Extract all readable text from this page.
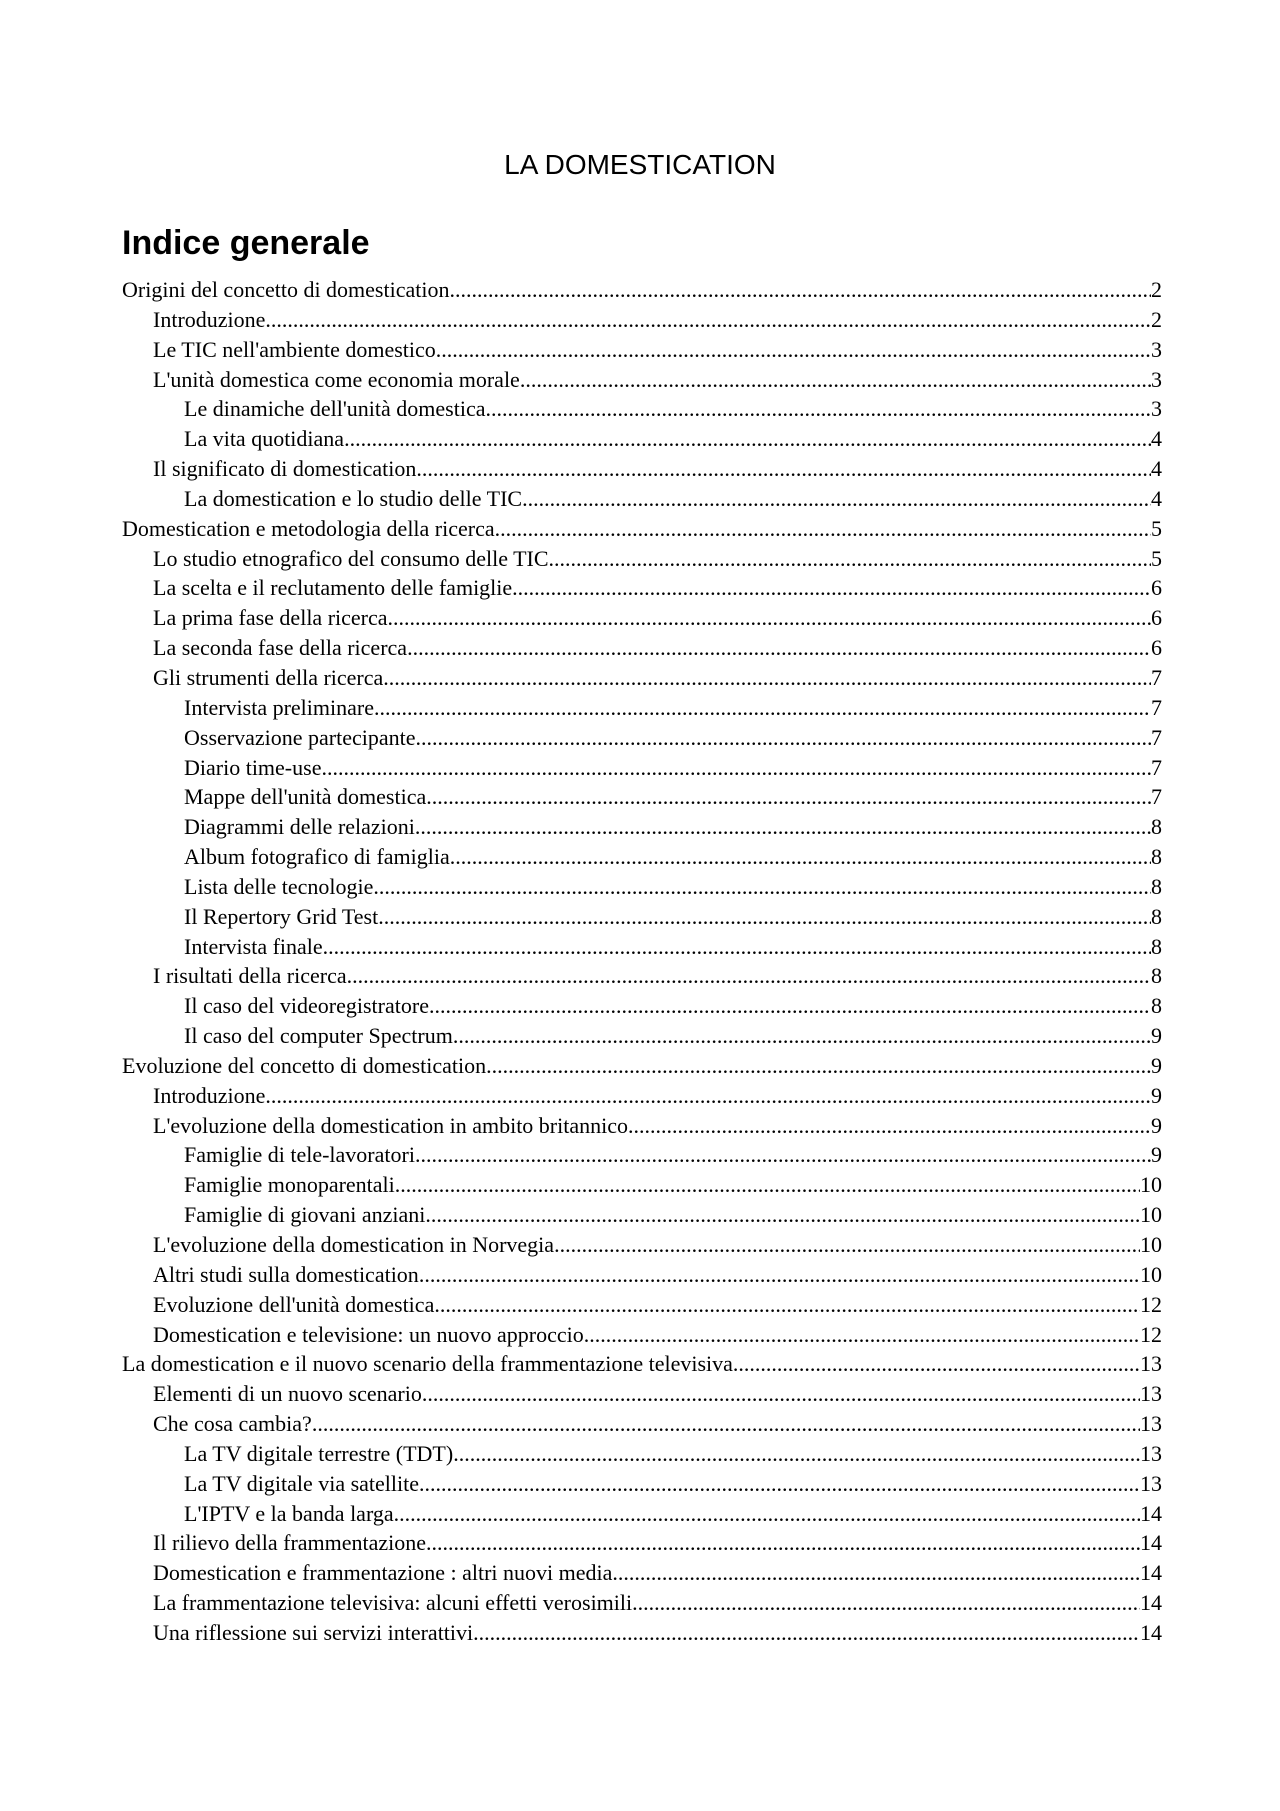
LA DOMESTICATION
Indice generale
Origini del concetto di domestication .....	2
Introduzione .....	2
Le TIC nell'ambiente domestico .....	3
L'unità domestica come economia morale .....	3
Le dinamiche dell'unità domestica .....	3
La vita quotidiana .....	4
Il significato di domestication .....	4
La domestication e lo studio delle TIC .....	4
Domestication e metodologia della ricerca .....	5
Lo studio etnografico del consumo delle TIC .....	5
La scelta e il reclutamento delle famiglie .....	6
La prima fase della ricerca .....	6
La seconda fase della ricerca .....	6
Gli strumenti della ricerca .....	7
Intervista preliminare .....	7
Osservazione partecipante .....	7
Diario time-use .....	7
Mappe dell'unità domestica .....	7
Diagrammi delle relazioni .....	8
Album fotografico di famiglia .....	8
Lista delle tecnologie .....	8
Il Repertory Grid Test .....	8
Intervista finale .....	8
I risultati della ricerca .....	8
Il caso del videoregistratore .....	8
Il caso del computer Spectrum .....	9
Evoluzione del concetto di domestication .....	9
Introduzione .....	9
L'evoluzione della domestication in ambito britannico .....	9
Famiglie di tele-lavoratori .....	9
Famiglie monoparentali .....	10
Famiglie di giovani anziani .....	10
L'evoluzione della domestication in Norvegia .....	10
Altri studi sulla domestication .....	10
Evoluzione dell'unità domestica .....	12
Domestication e televisione: un nuovo approccio .....	12
La domestication e il nuovo scenario della frammentazione televisiva .....	13
Elementi di un nuovo scenario .....	13
Che cosa cambia? .....	13
La TV digitale terrestre (TDT) .....	13
La TV digitale via satellite .....	13
L'IPTV e la banda larga .....	14
Il rilievo della frammentazione .....	14
Domestication e frammentazione : altri nuovi media .....	14
La frammentazione televisiva: alcuni effetti verosimili .....	14
Una riflessione sui servizi interattivi .....	14
